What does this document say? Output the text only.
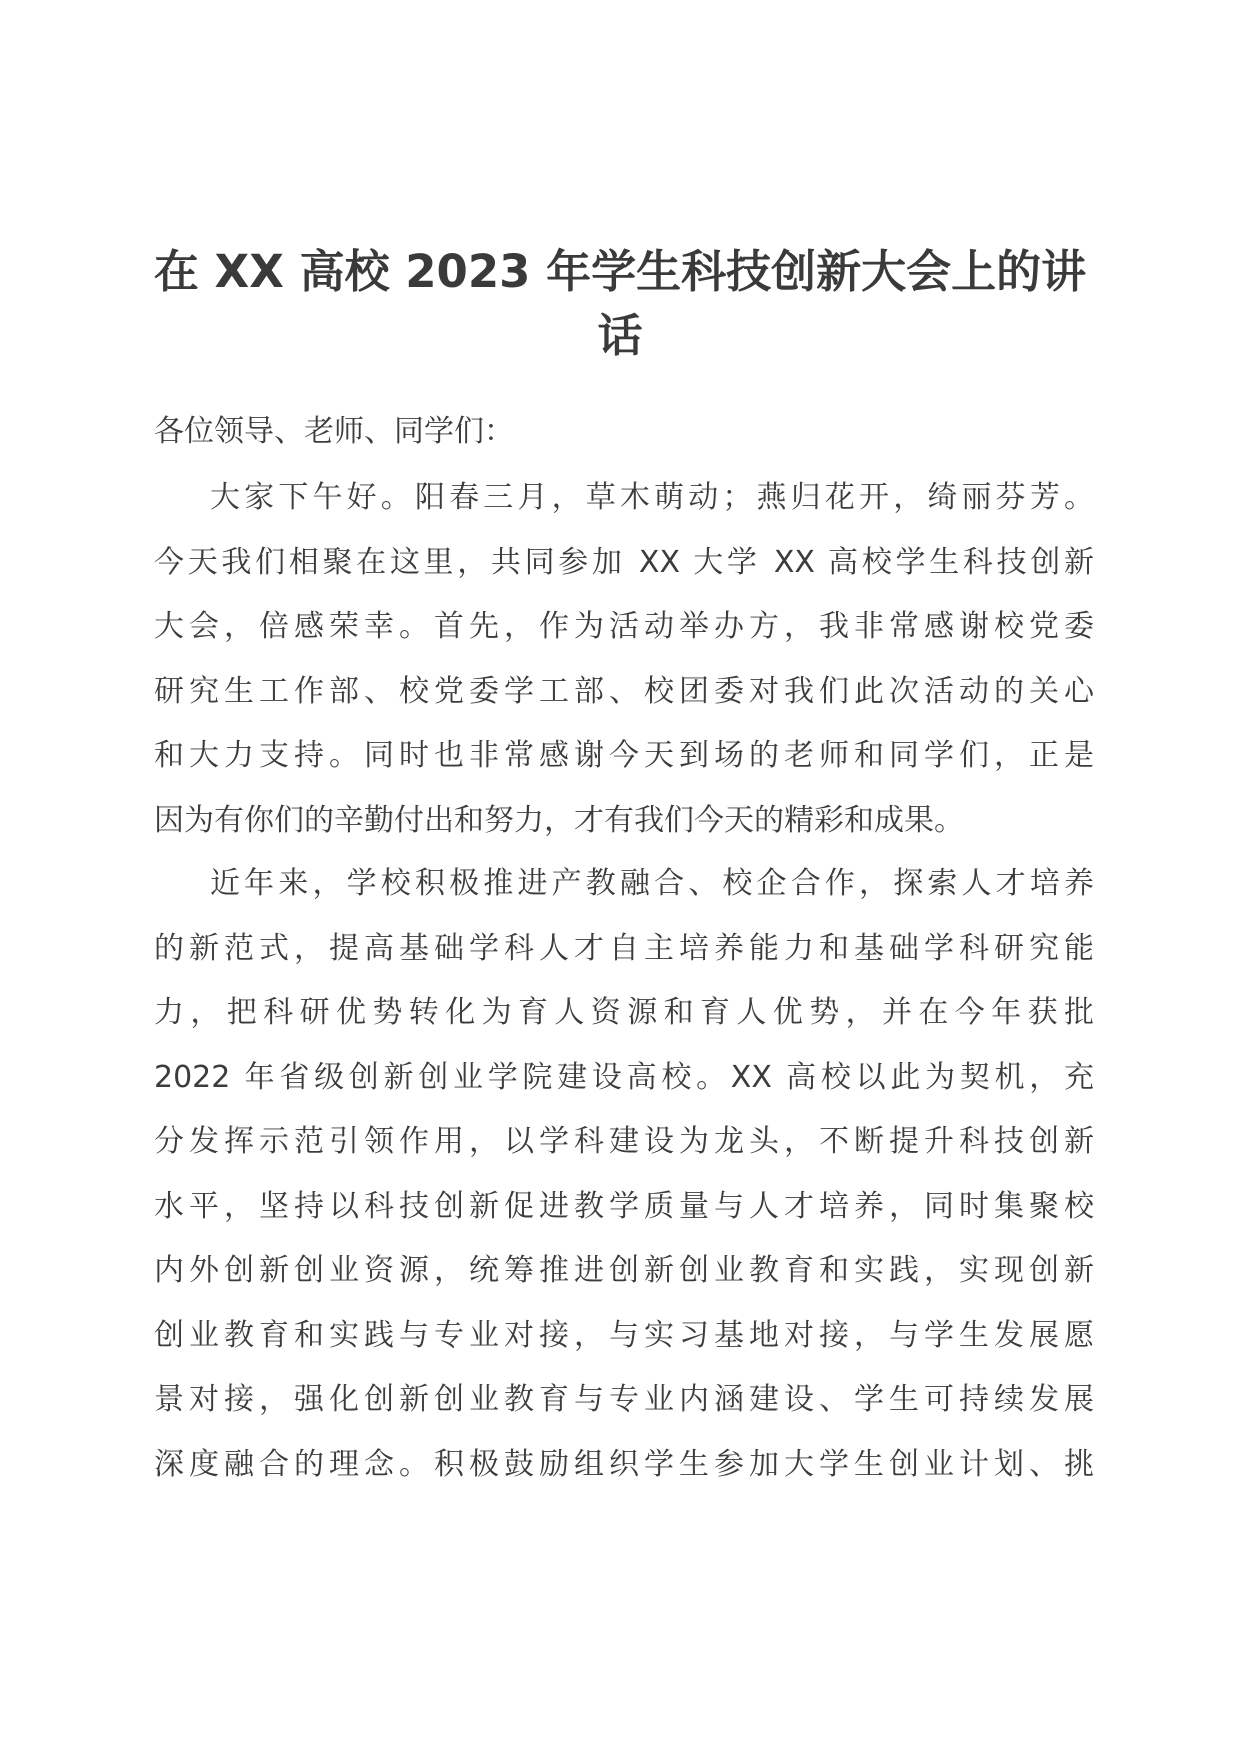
在 XX 高校 2023 年学生科技创新大会上的讲
话

各位领导、老师、同学们：

大家下午好。阳春三月，草木萌动；燕归花开，绮丽芬芳。
今天我们相聚在这里，共同参加 XX 大学 XX 高校学生科技创新
大会，倍感荣幸。首先，作为活动举办方，我非常感谢校党委
研究生工作部、校党委学工部、校团委对我们此次活动的关心
和大力支持。同时也非常感谢今天到场的老师和同学们，正是
因为有你们的辛勤付出和努力，才有我们今天的精彩和成果。

近年来，学校积极推进产教融合、校企合作，探索人才培养
的新范式，提高基础学科人才自主培养能力和基础学科研究能
力，把科研优势转化为育人资源和育人优势，并在今年获批
2022 年省级创新创业学院建设高校。XX 高校以此为契机，充
分发挥示范引领作用，以学科建设为龙头，不断提升科技创新
水平，坚持以科技创新促进教学质量与人才培养，同时集聚校
内外创新创业资源，统筹推进创新创业教育和实践，实现创新
创业教育和实践与专业对接，与实习基地对接，与学生发展愿
景对接，强化创新创业教育与专业内涵建设、学生可持续发展
深度融合的理念。积极鼓励组织学生参加大学生创业计划、挑
